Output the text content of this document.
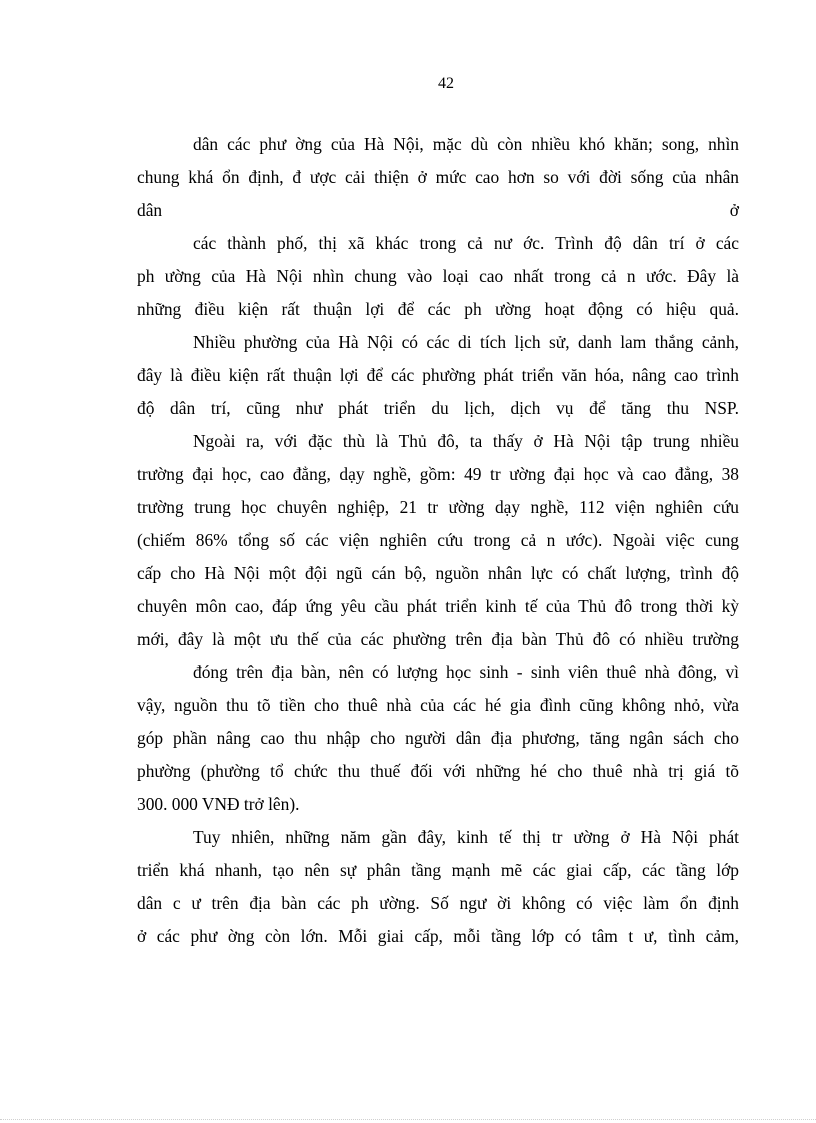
42
dân các phư ờng của Hà Nội, mặc dù còn nhiều khó khăn; song, nhìn
chung khá ổn định, đ ược cải thiện ở mức cao hơn so với đời sống của nhân
dân ở
các thành phố, thị xã khác trong cả nư ớc. Trình độ dân trí ở các
ph ường của Hà Nội nhìn chung vào loại cao nhất trong cả n ước. Đây là
những điều kiện rất thuận lợi để các ph ường hoạt động có hiệu quả.
Nhiều phường của Hà Nội có các di tích lịch sử, danh lam thắng cảnh,
đây là điều kiện rất thuận lợi để các phường phát triển văn hóa, nâng cao trình
độ dân trí, cũng như phát triển du lịch, dịch vụ để tăng thu NSP.
Ngoài ra, với đặc thù là Thủ đô, ta thấy ở Hà Nội tập trung nhiều
trường đại học, cao đẳng, dạy nghề, gồm: 49 tr ường đại học và cao đẳng, 38
trường trung học chuyên nghiệp, 21 tr ường dạy nghề, 112 viện nghiên cứu
(chiếm 86% tổng số các viện nghiên cứu trong cả n ước). Ngoài việc cung
cấp cho Hà Nội một đội ngũ cán bộ, nguồn nhân lực có chất lượng, trình độ
chuyên môn cao, đáp ứng yêu cầu phát triển kinh tế của Thủ đô trong thời kỳ
mới, đây là một ưu thế của các phường trên địa bàn Thủ đô có nhiều trường
đóng trên địa bàn, nên có lượng học sinh - sinh viên thuê nhà đông, vì
vậy, nguồn thu tõ tiền cho thuê nhà của các hé gia đình cũng không nhỏ, vừa
góp phần nâng cao thu nhập cho người dân địa phương, tăng ngân sách cho
phường (phường tổ chức thu thuế đối với những hé cho thuê nhà trị giá tõ
300. 000 VNĐ trở lên).
Tuy nhiên, những năm gần đây, kinh tế thị tr ường ở Hà Nội phát
triển khá nhanh, tạo nên sự phân tầng mạnh mẽ các giai cấp, các tầng lớp
dân c ư trên địa bàn các ph ường. Số ngư ời không có việc làm ổn định
ở các phư ờng còn lớn. Mỗi giai cấp, mỗi tầng lớp có tâm t ư, tình cảm,
